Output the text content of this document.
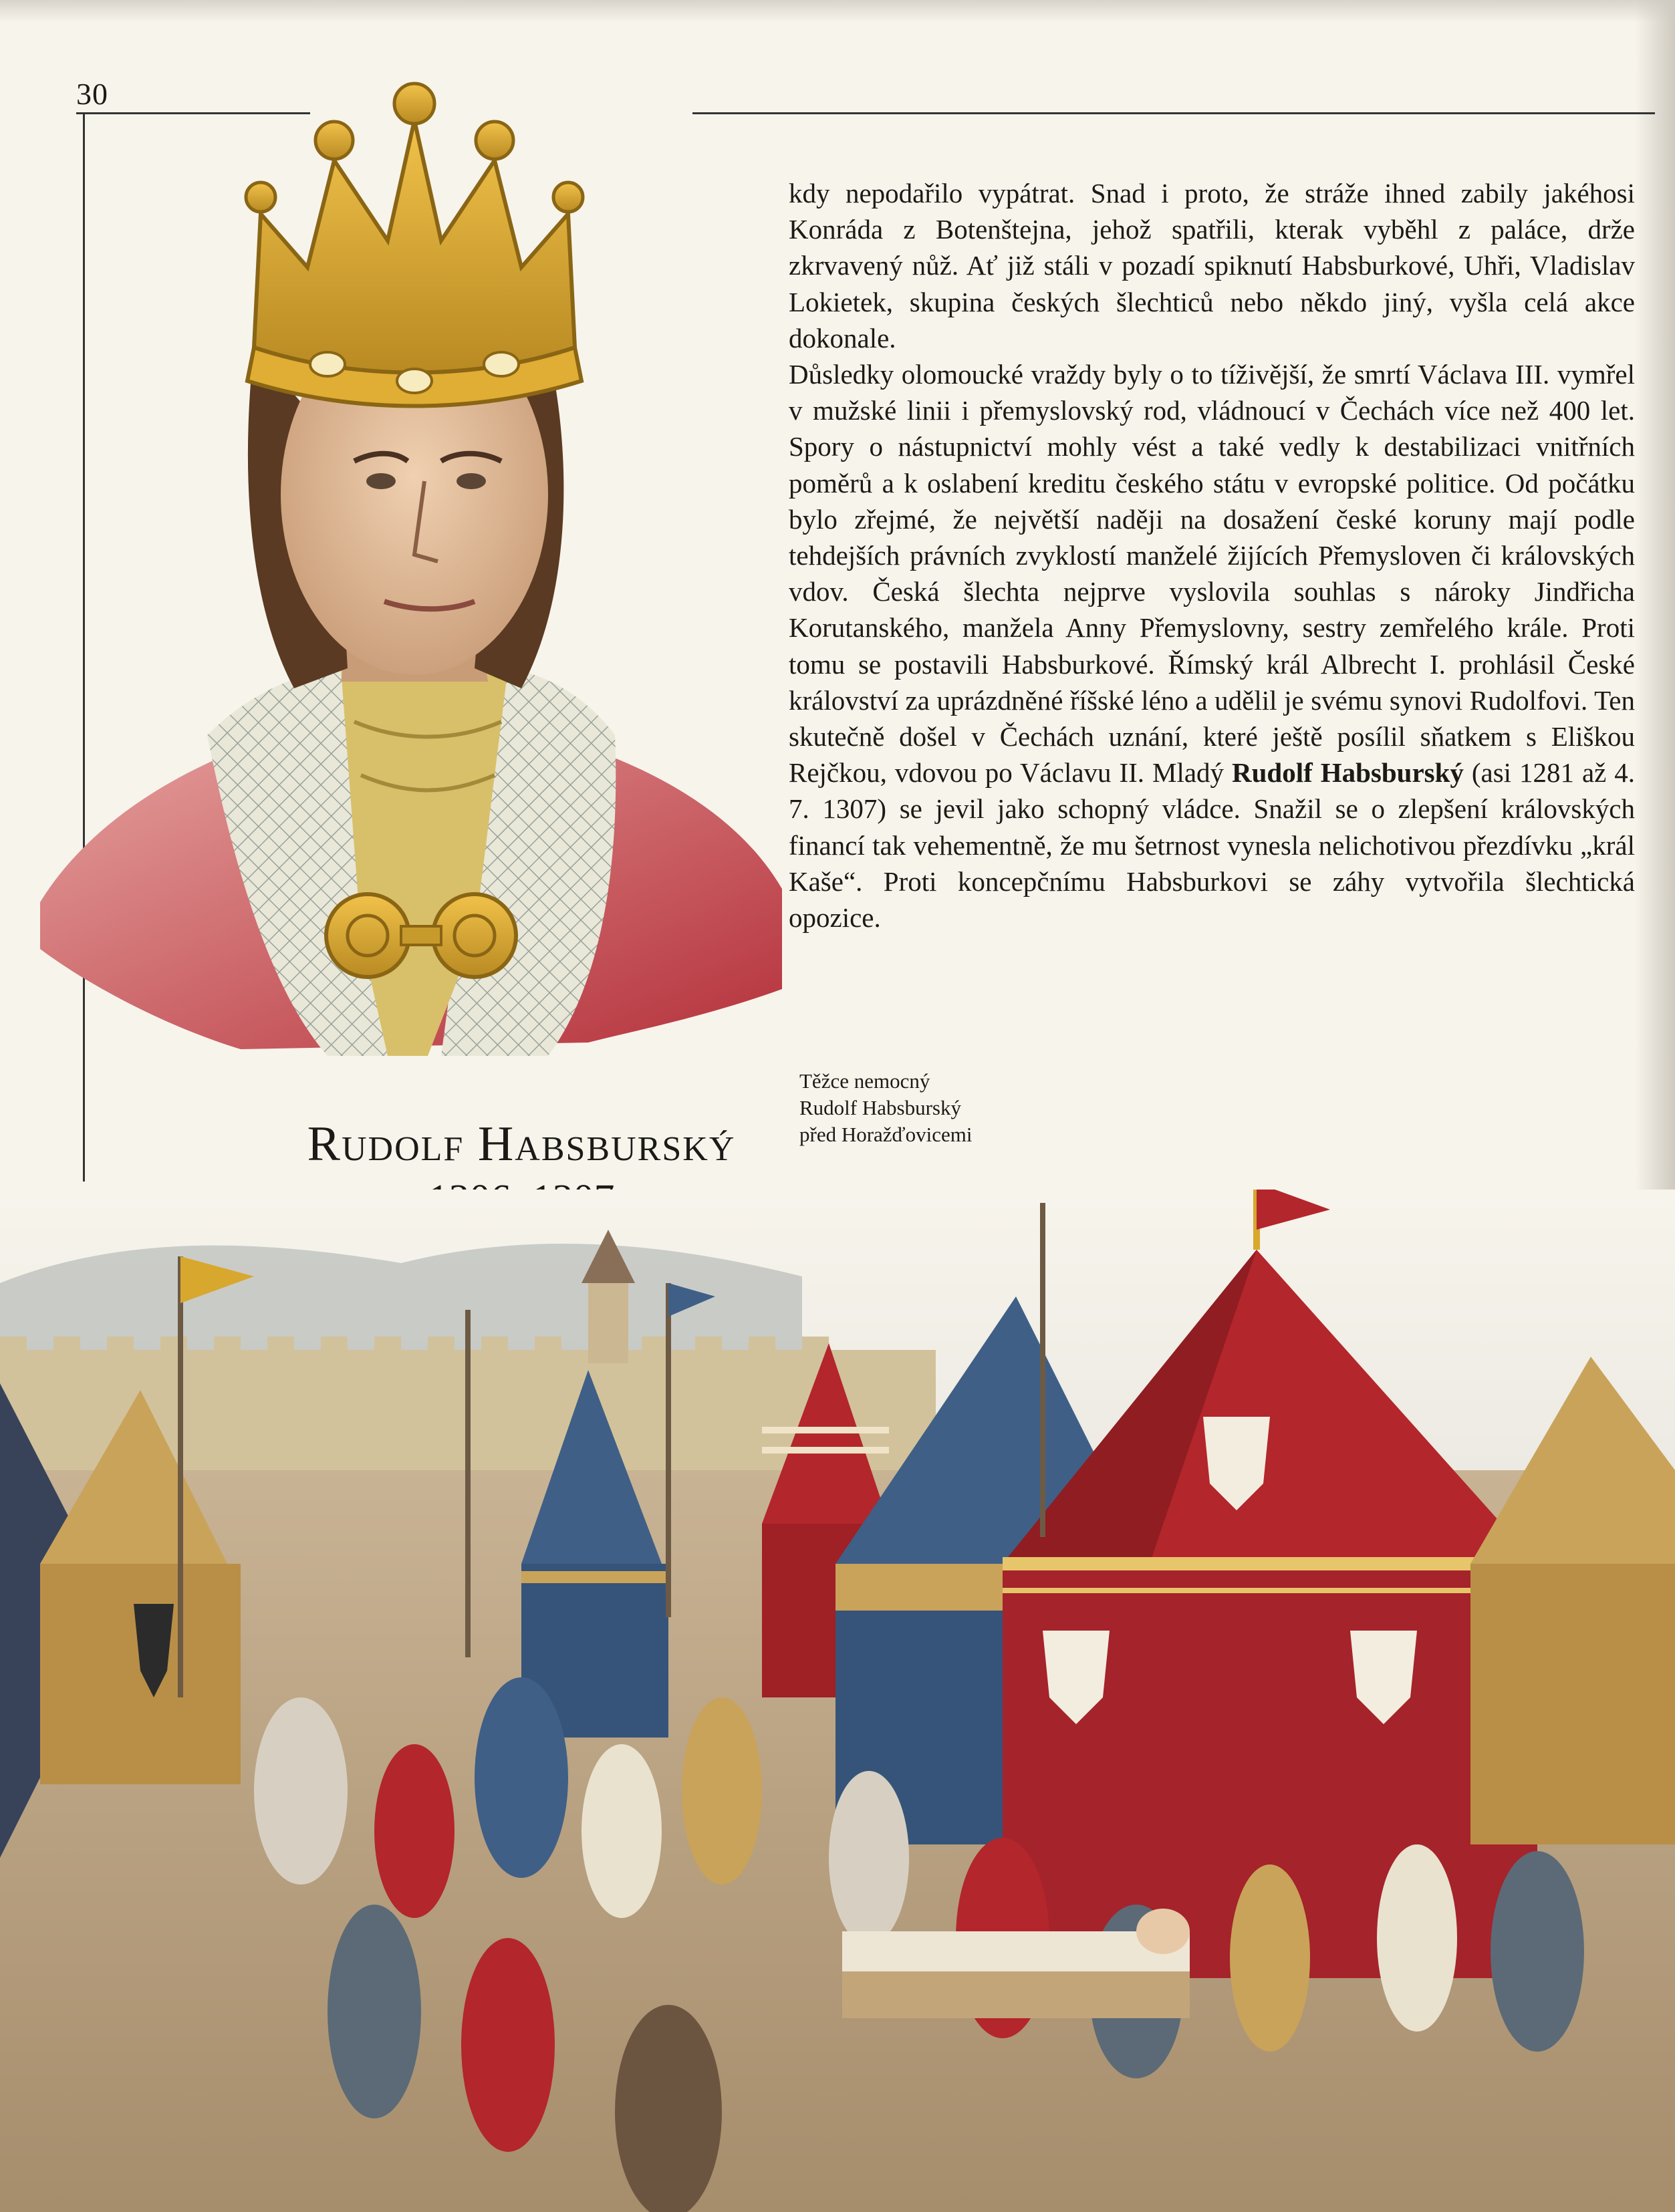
30
Rudolf Habsburský

kdy nepodařilo vypátrat. Snad i proto, že stráže ihned zabily jakéhosi Konráda z Botenštejna, jehož spatřili, kterak vyběhl z paláce, drže zkrvavený nůž. Ať již stáli v pozadí spiknutí Habsburkové, Uhři, Vladislav Lokietek, skupina českých šlechticů nebo někdo jiný, vyšla celá akce dokonale.

Důsledky olomoucké vraždy byly o to tíživější, že smrtí Václava III. vymřel v mužské linii i přemyslovský rod, vládnoucí v Čechách více než 400 let. Spory o nástupnictví mohly vést a také vedly k destabilizaci vnitřních poměrů a k oslabení kreditu českého státu v evropské politice. Od počátku bylo zřejmé, že největší naději na dosažení české koruny mají podle tehdejších právních zvyklostí manželé žijících Přemysloven či královských vdov. Česká šlechta nejprve vyslovila souhlas s nároky Jindřicha Korutanského, manžela Anny Přemyslovny, sestry zemřelého krále. Proti tomu se postavili Habsburkové. Římský král Albrecht I. prohlásil České království za uprázdněné říšské léno a udělil je svému synovi Rudolfovi. Ten skutečně došel v Čechách uznání, které ještě posílil sňatkem s Eliškou Rejčkou, vdovou po Václavu II. Mladý Rudolf Habsburský (asi 1281 až 4. 7. 1307) se jevil jako schopný vládce. Snažil se o zlepšení královských financí tak vehementně, že mu šetrnost vynesla nelichotivou přezdívku „král Kaše“. Proti koncepčnímu Habsburkovi se záhy vytvořila šlechtická opozice.

Těžce nemocný
Rudolf Habsburský
před Horažďovicemi
